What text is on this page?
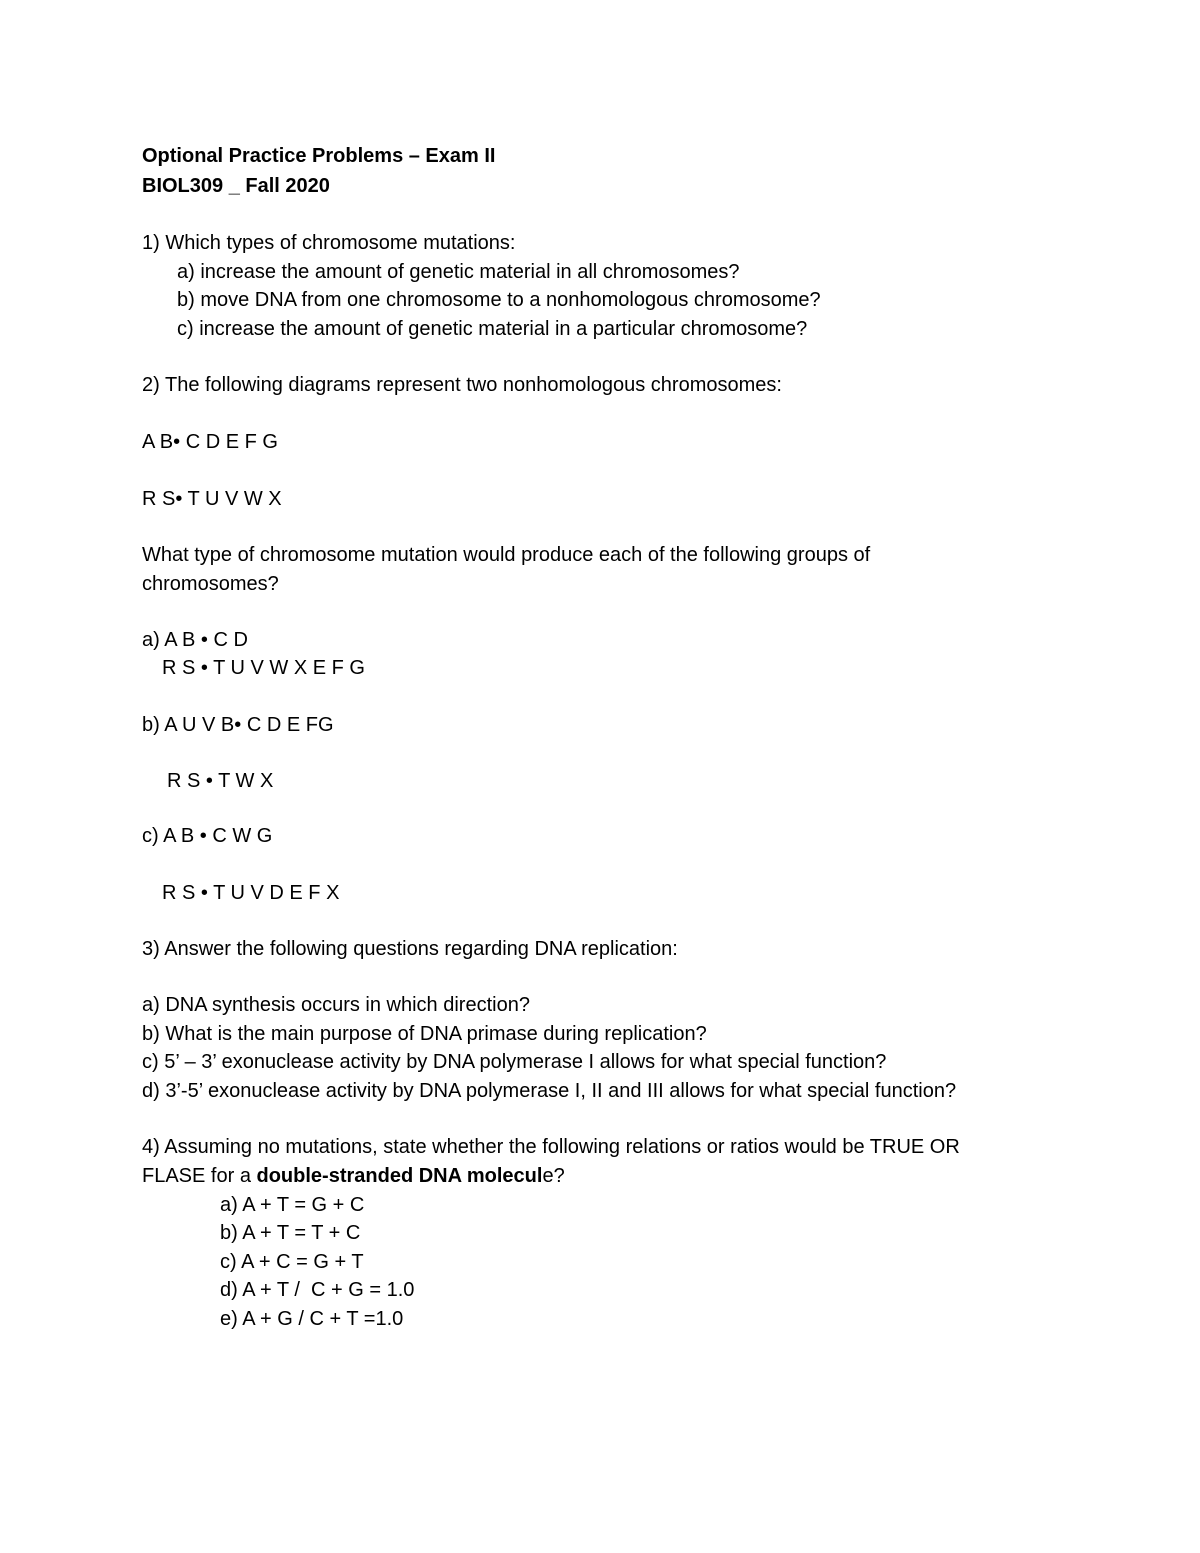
Optional Practice Problems – Exam II
BIOL309 _ Fall 2020
1) Which types of chromosome mutations:
a) increase the amount of genetic material in all chromosomes?
b) move DNA from one chromosome to a nonhomologous chromosome?
c) increase the amount of genetic material in a particular chromosome?
2) The following diagrams represent two nonhomologous chromosomes:
A B• C D E F G
R S• T U V W X
What type of chromosome mutation would produce each of the following groups of
chromosomes?
a) A B • C D
R S • T U V W X E F G
b) A U V B• C D E FG
R S • T W X
c) A B • C W G
R S • T U V D E F X
3) Answer the following questions regarding DNA replication:
a) DNA synthesis occurs in which direction?
b) What is the main purpose of DNA primase during replication?
c) 5’ – 3’ exonuclease activity by DNA polymerase I allows for what special function?
d) 3’-5’ exonuclease activity by DNA polymerase I, II and III allows for what special function?
4) Assuming no mutations, state whether the following relations or ratios would be TRUE OR
FLASE for a double-stranded DNA molecule?
a) A + T = G + C
b) A + T = T + C
c) A + C = G + T
d) A + T /  C + G = 1.0
e) A + G / C + T =1.0
